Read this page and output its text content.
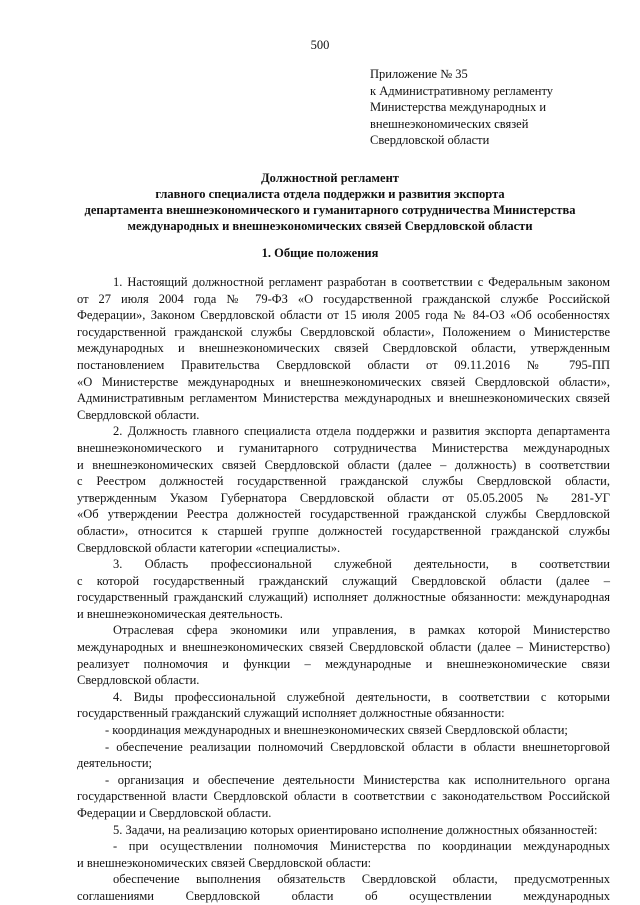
500
Приложение № 35
к Административному регламенту
Министерства международных и
внешнеэкономических связей
Свердловской области
Должностной регламент
главного специалиста отдела поддержки и развития экспорта
департамента внешнеэкономического и гуманитарного сотрудничества Министерства
международных и внешнеэкономических связей Свердловской области
1. Общие положения
1. Настоящий должностной регламент разработан в соответствии с Федеральным законом
от 27 июля 2004 года № 79-ФЗ «О государственной гражданской службе Российской
Федерации», Законом Свердловской области от 15 июля 2005 года № 84-ОЗ «Об особенностях
государственной гражданской службы Свердловской области», Положением о Министерстве
международных и внешнеэкономических связей Свердловской области, утвержденным
постановлением Правительства Свердловской области от 09.11.2016 № 795-ПП
«О Министерстве международных и внешнеэкономических связей Свердловской области»,
Административным регламентом Министерства международных и внешнеэкономических связей
Свердловской области.
2. Должность главного специалиста отдела поддержки и развития экспорта департамента
внешнеэкономического и гуманитарного сотрудничества Министерства международных
и внешнеэкономических связей Свердловской области (далее – должность) в соответствии
с Реестром должностей государственной гражданской службы Свердловской области,
утвержденным Указом Губернатора Свердловской области от 05.05.2005 № 281-УГ
«Об утверждении Реестра должностей государственной гражданской службы Свердловской
области», относится к старшей группе должностей государственной гражданской службы
Свердловской области категории «специалисты».
3. Область профессиональной служебной деятельности, в соответствии
с которой государственный гражданский служащий Свердловской области (далее –
государственный гражданский служащий) исполняет должностные обязанности: международная
и внешнеэкономическая деятельность.
Отраслевая сфера экономики или управления, в рамках которой Министерство
международных и внешнеэкономических связей Свердловской области (далее – Министерство)
реализует полномочия и функции – международные и внешнеэкономические связи
Свердловской области.
4. Виды профессиональной служебной деятельности, в соответствии с которыми
государственный гражданский служащий исполняет должностные обязанности:
- координация международных и внешнеэкономических связей Свердловской области;
- обеспечение реализации полномочий Свердловской области в области внешнеторговой
деятельности;
- организация и обеспечение деятельности Министерства как исполнительного органа
государственной власти Свердловской области в соответствии с законодательством Российской
Федерации и Свердловской области.
5. Задачи, на реализацию которых ориентировано исполнение должностных обязанностей:
- при осуществлении полномочия Министерства по координации международных
и внешнеэкономических связей Свердловской области:
обеспечение выполнения обязательств Свердловской области, предусмотренных
соглашениями Свердловской области об осуществлении международных
